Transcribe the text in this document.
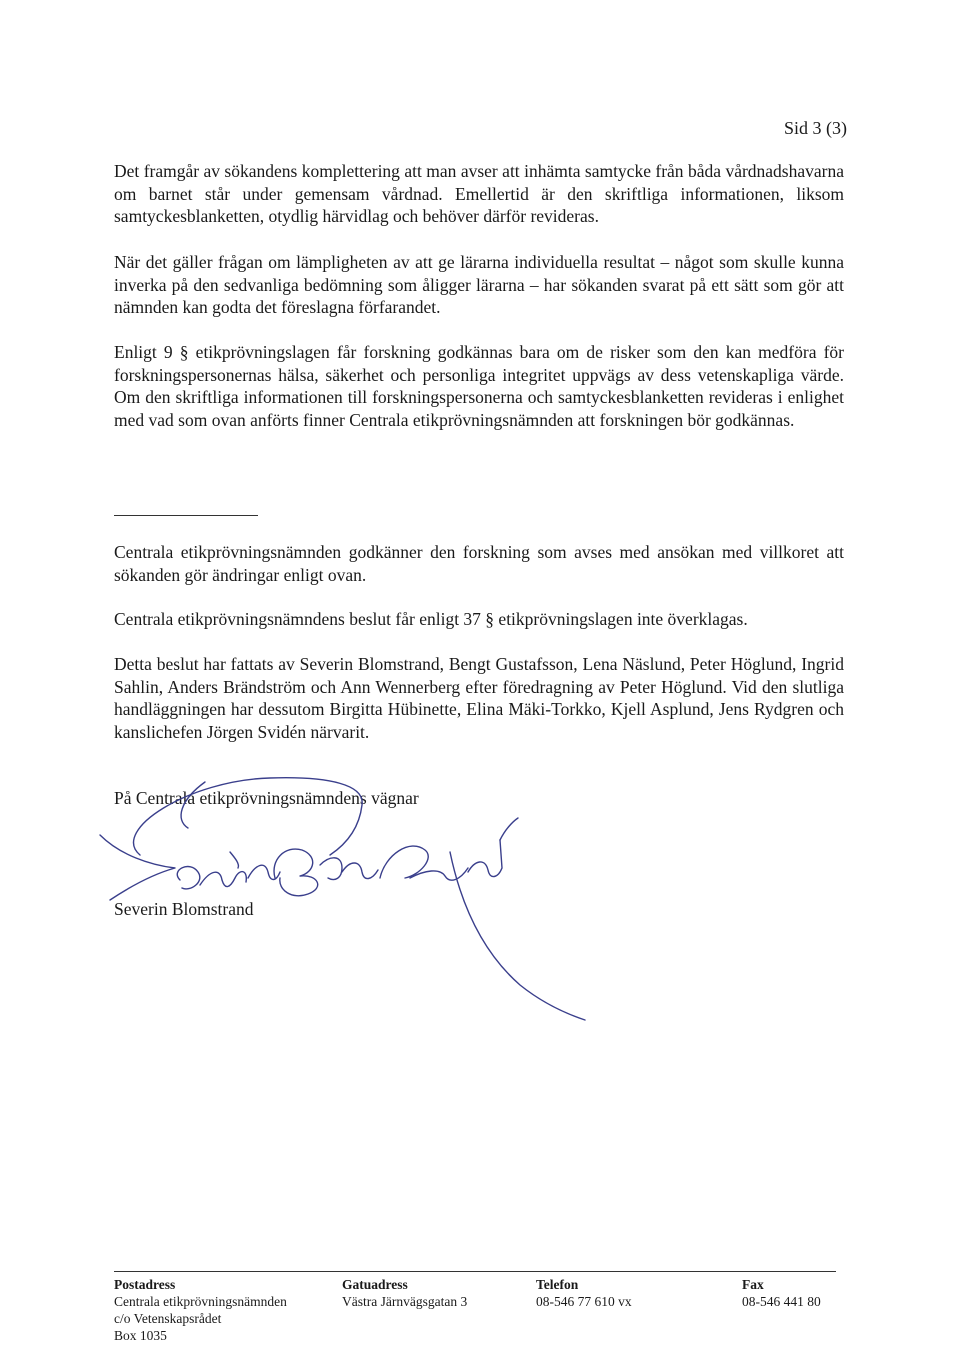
Sid 3 (3)

Det framgår av sökandens komplettering att man avser att inhämta samtycke från båda vårdnadshavarna om barnet står under gemensam vårdnad. Emellertid är den skriftliga informationen, liksom samtyckesblanketten, otydlig härvidlag och behöver därför revideras.

När det gäller frågan om lämpligheten av att ge lärarna individuella resultat – något som skulle kunna inverka på den sedvanliga bedömning som åligger lärarna – har sökanden svarat på ett sätt som gör att nämnden kan godta det föreslagna förfarandet.

Enligt 9 § etikprövningslagen får forskning godkännas bara om de risker som den kan medföra för forskningspersonernas hälsa, säkerhet och personliga integritet uppvägs av dess vetenskapliga värde. Om den skriftliga informationen till forskningspersonerna och samtyckesblanketten revideras i enlighet med vad som ovan anförts finner Centrala etikprövningsnämnden att forskningen bör godkännas.

Centrala etikprövningsnämnden godkänner den forskning som avses med ansökan med villkoret att sökanden gör ändringar enligt ovan.

Centrala etikprövningsnämndens beslut får enligt 37 § etikprövningslagen inte överklagas.

Detta beslut har fattats av Severin Blomstrand, Bengt Gustafsson, Lena Näslund, Peter Höglund, Ingrid Sahlin, Anders Brändström och Ann Wennerberg efter föredragning av Peter Höglund. Vid den slutliga handläggningen har dessutom Birgitta Hübinette, Elina Mäki-Torkko, Kjell Asplund, Jens Rydgren och kanslichefen Jörgen Svidén närvarit.

På Centrala etikprövningsnämndens vägnar
Severin Blomstrand
Postadress
Centrala etikprövningsnämnden
c/o Vetenskapsrådet
Box 1035
Gatuadress
Västra Järnvägsgatan 3
Telefon
08-546 77 610 vx
Fax
08-546 441 80
